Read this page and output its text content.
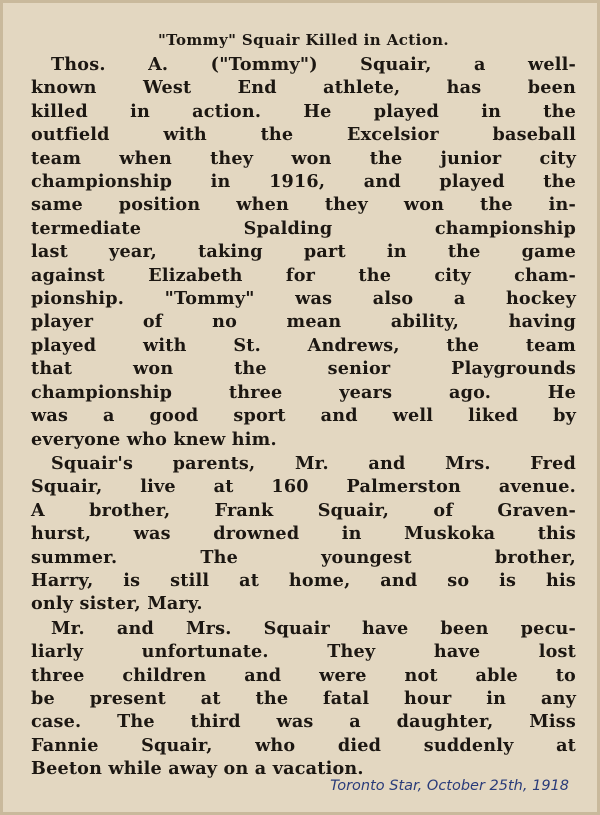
"Tommy" Squair Killed in Action.
Thos. A. ("Tommy") Squair, a well-
known West End athlete, has been
killed in action. He played in the
outfield with the Excelsior baseball
team when they won the junior city
championship in 1916, and played the
same position when they won the in-
termediate Spalding championship
last year, taking part in the game
against Elizabeth for the city cham-
pionship. "Tommy" was also a hockey
player of no mean ability, having
played with St. Andrews, the team
that won the senior Playgrounds
championship three years ago. He
was a good sport and well liked by
everyone who knew him.
Squair's parents, Mr. and Mrs. Fred
Squair, live at 160 Palmerston avenue.
A brother, Frank Squair, of Graven-
hurst, was drowned in Muskoka this
summer. The youngest brother,
Harry, is still at home, and so is his
only sister, Mary.
Mr. and Mrs. Squair have been pecu-
liarly unfortunate. They have lost
three children and were not able to
be present at the fatal hour in any
case. The third was a daughter, Miss
Fannie Squair, who died suddenly at
Beeton while away on a vacation.
Toronto Star, October 25th, 1918
